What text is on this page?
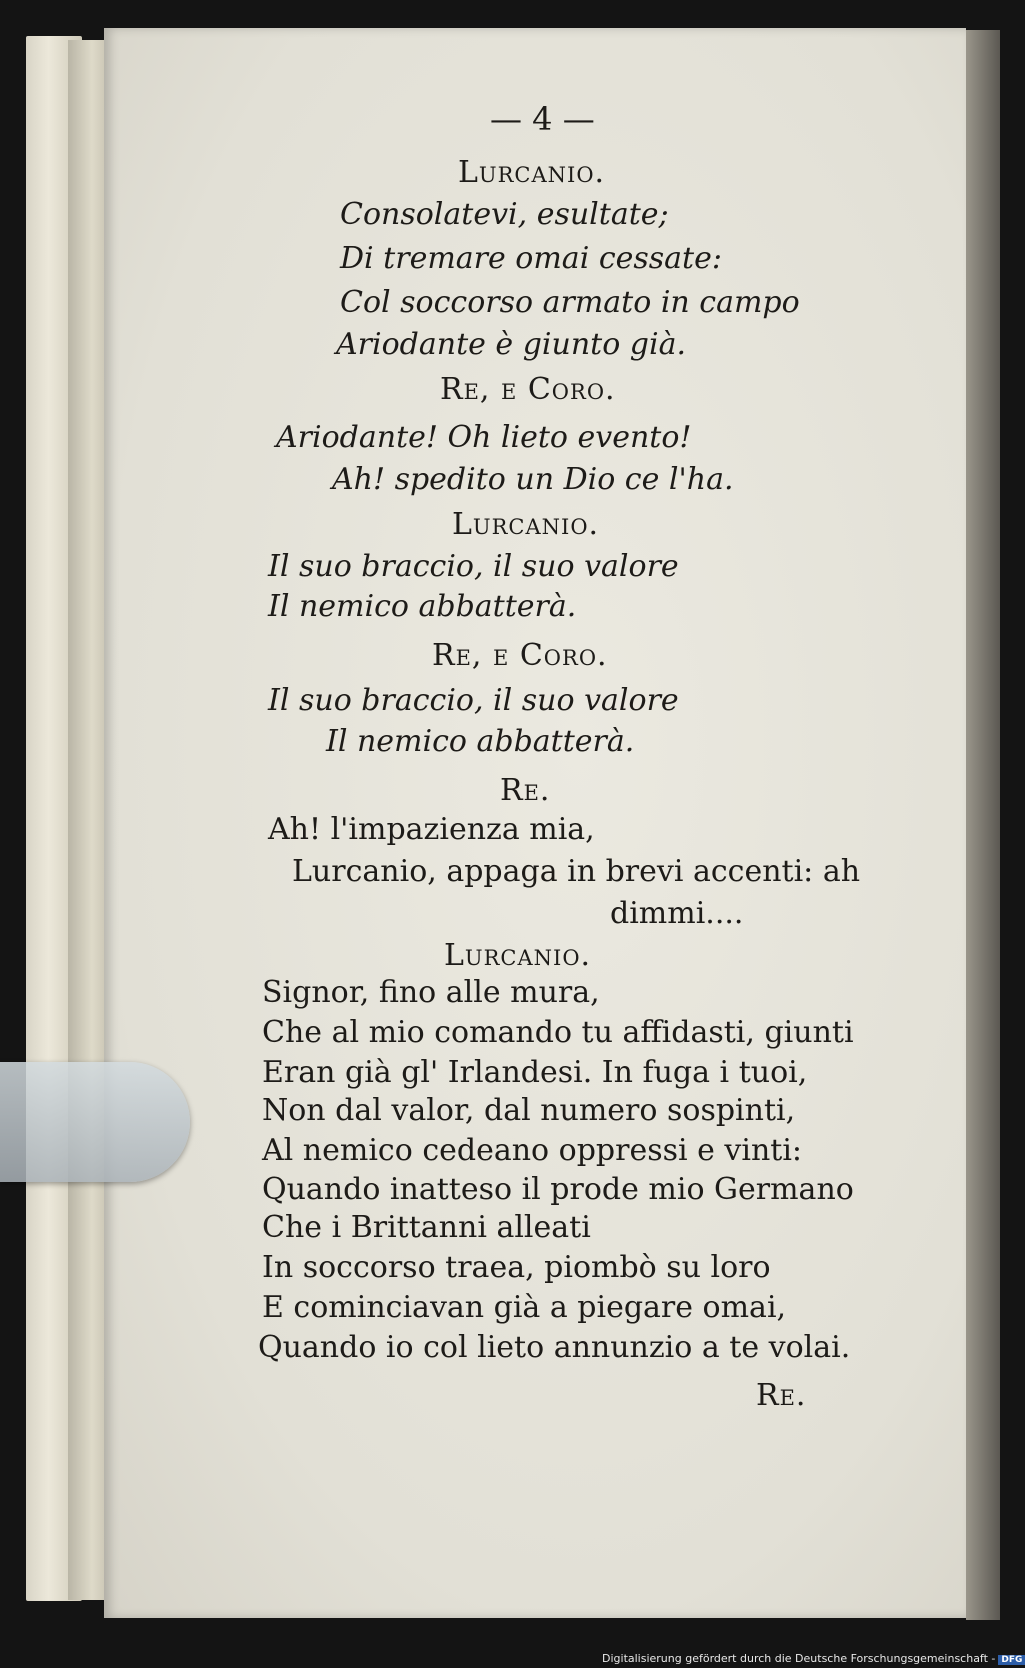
— 4 —
Lurcanio.
Consolatevi, esultate;
Di tremare omai cessate:
Col soccorso armato in campo
Ariodante è giunto già.
Re, e Coro.
Ariodante! Oh lieto evento!
Ah! spedito un Dio ce l'ha.
Lurcanio.
Il suo braccio, il suo valore
Il nemico abbatterà.
Re, e Coro.
Il suo braccio, il suo valore
Il nemico abbatterà.
Re.
Ah! l'impazienza mia,
Lurcanio, appaga in brevi accenti: ah
dimmi....
Lurcanio.
Signor, fino alle mura,
Che al mio comando tu affidasti, giunti
Eran già gl' Irlandesi. In fuga i tuoi,
Non dal valor, dal numero sospinti,
Al nemico cedeano oppressi e vinti:
Quando inatteso il prode mio Germano
Che i Brittanni alleati
In soccorso traea, piombò su loro
E cominciavan già a piegare omai,
Quando io col lieto annunzio a te volai.
Re.
Digitalisierung gefördert durch die Deutsche Forschungsgemeinschaft - DFG
